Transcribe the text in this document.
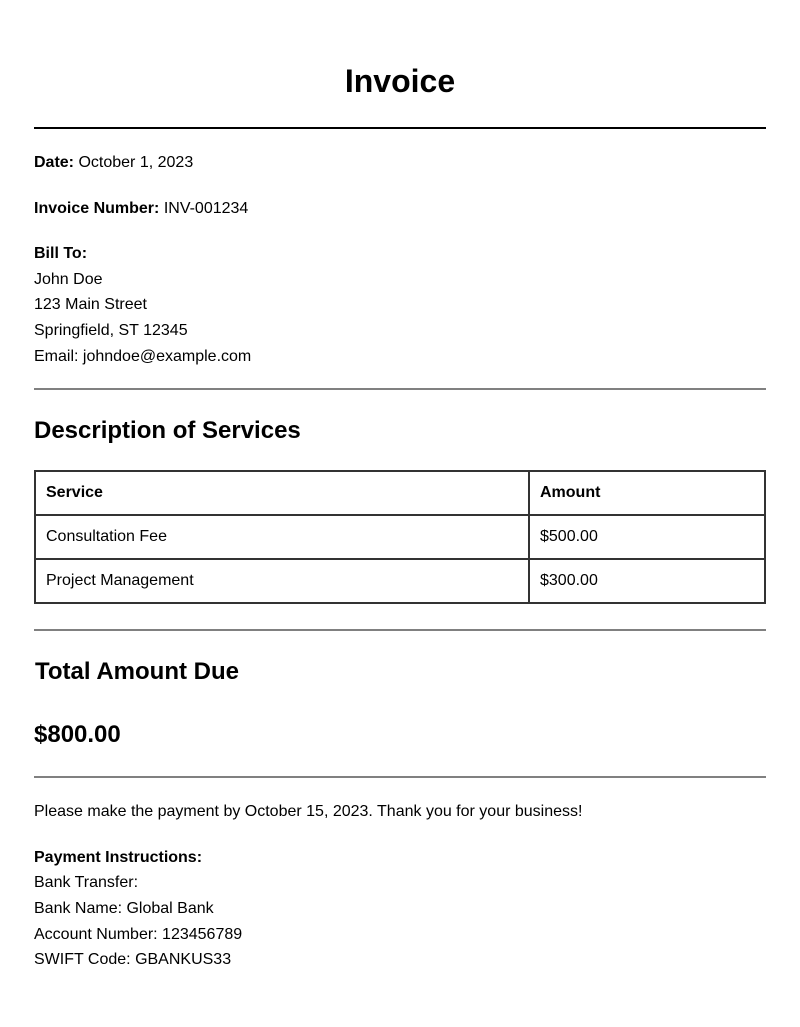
Invoice
Date: October 1, 2023
Invoice Number: INV-001234
Bill To:
John Doe
123 Main Street
Springfield, ST 12345
Email: johndoe@example.com
Description of Services
Service	Amount
Consultation Fee	$500.00
Project Management	$300.00
Total Amount Due
$800.00
Please make the payment by October 15, 2023. Thank you for your business!
Payment Instructions:
Bank Transfer:
Bank Name: Global Bank
Account Number: 123456789
SWIFT Code: GBANKUS33
